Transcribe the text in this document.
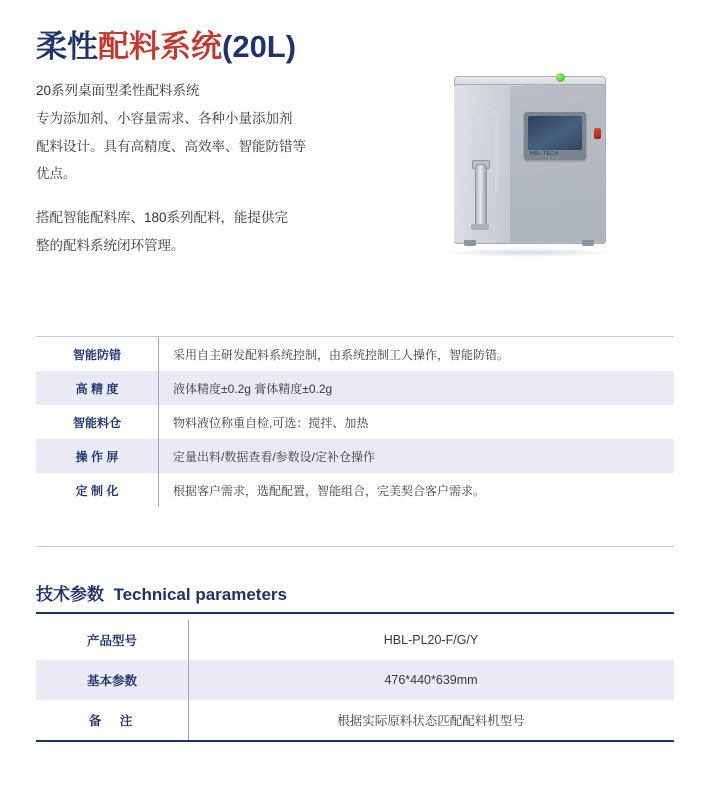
柔性配料系统(20L)

20系列桌面型柔性配料系统

专为添加剂、小容量需求、各种小量添加剂

配料设计。具有高精度、高效率、智能防错等

优点。

搭配智能配料库、180系列配料，能提供完

整的配料系统闭环管理。

HBL-TECH
智能防错	采用自主研发配料系统控制，由系统控制工人操作，智能防错。
高 精 度	液体精度±0.2g 膏体精度±0.2g
智能料仓	物料液位称重自检,可选：搅拌、加热
操 作 屏	定量出料/数据查看/参数设/定补仓操作
定 制 化	根据客户需求，选配配置，智能组合，完美契合客户需求。
技术参数 Technical parameters
产品型号	HBL-PL20-F/G/Y
基本参数	476*440*639mm
备　注	根据实际原料状态匹配配料机型号
